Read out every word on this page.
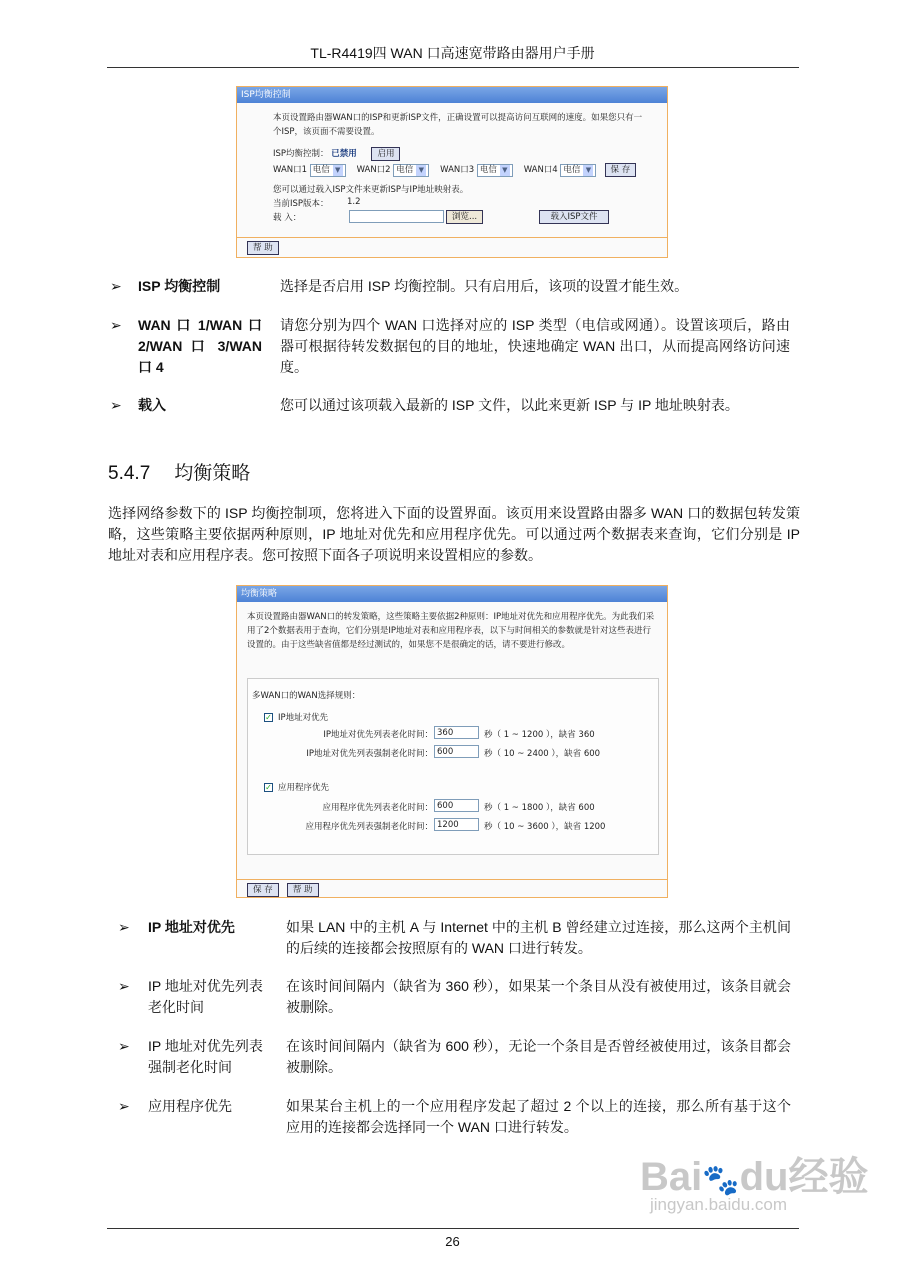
TL-R4419四 WAN 口高速宽带路由器用户手册
ISP均衡控制
本页设置路由器WAN口的ISP和更新ISP文件，正确设置可以提高访问互联网的速度。如果您只有一个ISP，该页面不需要设置。
ISP均衡控制： 已禁用 启用
WAN口1 电信 ▼ WAN口2 电信 ▼ WAN口3 电信 ▼ WAN口4 电信 ▼ 保 存
您可以通过载入ISP文件来更新ISP与IP地址映射表。
当前ISP版本： 1.2
载 入：	浏览...	载入ISP文件
帮 助
➢ ISP 均衡控制	选择是否启用 ISP 均衡控制。只有启用后，该项的设置才能生效。
➢ WAN 口 1/WAN 口 2/WAN 口 3/WAN 口 4
请您分别为四个 WAN 口选择对应的 ISP 类型（电信或网通）。设置该项后，路由器可根据待转发数据包的目的地址，快速地确定 WAN 出口，从而提高网络访问速度。
➢ 载入	您可以通过该项载入最新的 ISP 文件，以此来更新 ISP 与 IP 地址映射表。
5.4.7 均衡策略
选择网络参数下的 ISP 均衡控制项，您将进入下面的设置界面。该页用来设置路由器多 WAN 口的数据包转发策略，这些策略主要依据两种原则，IP 地址对优先和应用程序优先。可以通过两个数据表来查询，它们分别是 IP 地址对表和应用程序表。您可按照下面各子项说明来设置相应的参数。
均衡策略
本页设置路由器WAN口的转发策略，这些策略主要依据2种原则：IP地址对优先和应用程序优先。为此我们采用了2个数据表用于查询，它们分别是IP地址对表和应用程序表，以下与时间相关的参数就是针对这些表进行设置的。由于这些缺省值都是经过测试的，如果您不是很确定的话，请不要进行修改。
多WAN口的WAN选择规则：
✓ IP地址对优先
IP地址对优先列表老化时间： 360	秒（ 1 ~ 1200 ），缺省 360
IP地址对优先列表强制老化时间： 600	秒（ 10 ~ 2400 ），缺省 600
✓ 应用程序优先
应用程序优先列表老化时间： 600	秒（ 1 ~ 1800 ），缺省 600
应用程序优先列表强制老化时间： 1200	秒（ 10 ~ 3600 ），缺省 1200
保 存 帮 助
➢ IP 地址对优先	如果 LAN 中的主机 A 与 Internet 中的主机 B 曾经建立过连接，那么这两个主机间的后续的连接都会按照原有的 WAN 口进行转发。
➢ IP 地址对优先列表老化时间
在该时间间隔内（缺省为 360 秒），如果某一个条目从没有被使用过，该条目就会被删除。
➢ IP 地址对优先列表强制老化时间
在该时间间隔内（缺省为 600 秒），无论一个条目是否曾经被使用过，该条目都会被删除。
➢ 应用程序优先	如果某台主机上的一个应用程序发起了超过 2 个以上的连接，那么所有基于这个应用的连接都会选择同一个 WAN 口进行转发。
Bai🐾du经验
jingyan.baidu.com
26
